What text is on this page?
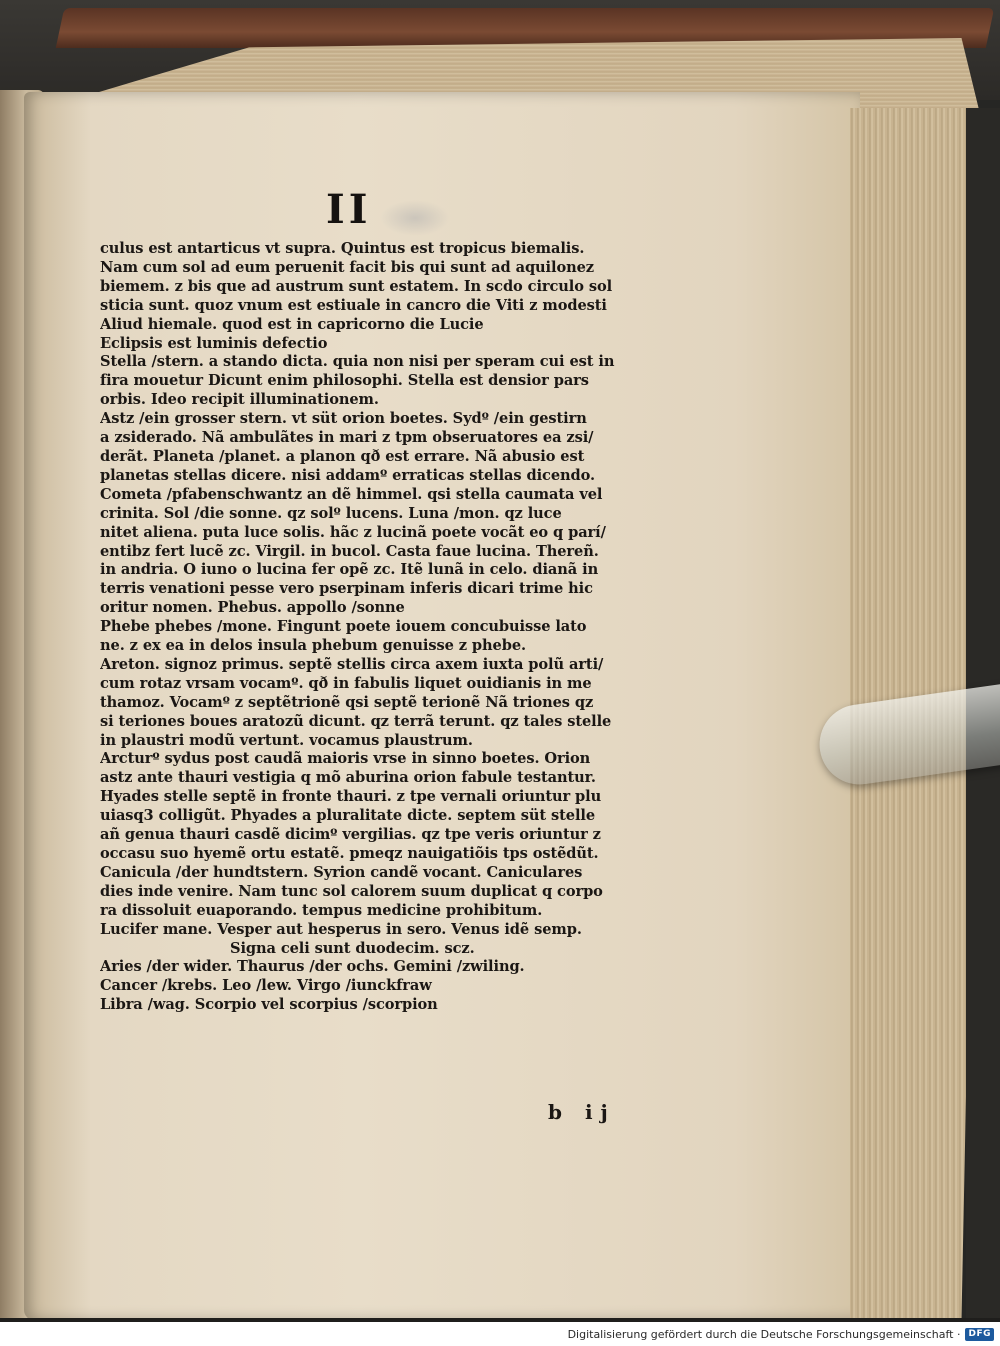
II
culus est antarticus vt supra. Quintus est tropicus biemalis.
Nam cum sol ad eum peruenit facit bis qui sunt ad aquilonez
biemem. z bis que ad austrum sunt estatem. In scdo circulo sol
sticia sunt. quoz vnum est estiuale in cancro die Viti z modesti
Aliud hiemale. quod est in capricorno die Lucie
Eclipsis est luminis defectio
Stella /stern. a stando dicta. quia non nisi per speram cui est in
fira mouetur Dicunt enim philosophi. Stella est densior pars
orbis. Ideo recipit illuminationem.
Astz /ein grosser stern. vt süt orion boetes. Sydº /ein gestirn
a zsiderado. Nã ambulãtes in mari z tpm obseruatores ea zsi/
derãt. Planeta /planet. a planon qð est errare. Nã abusio est
planetas stellas dicere. nisi addamº erraticas stellas dicendo.
Cometa /pfabenschwantz an dẽ himmel. qsi stella caumata vel
crinita. Sol /die sonne. qz solº lucens. Luna /mon. qz luce
nitet aliena. puta luce solis. hãc z lucinã poete vocãt eo q parí/
entibz fert lucẽ zc. Virgil. in bucol. Casta faue lucina. Thereñ.
in andria. O iuno o lucina fer opẽ zc. Itẽ lunã in celo. dianã in
terris venationi pesse vero pserpinam inferis dicari trime hic
oritur nomen. Phebus. appollo /sonne
Phebe phebes /mone. Fingunt poete iouem concubuisse lato
ne. z ex ea in delos insula phebum genuisse z phebe.
Areton. signoz primus. septẽ stellis circa axem iuxta polũ arti/
cum rotaz vrsam vocamº. qð in fabulis liquet ouidianis in me
thamoz. Vocamº z septẽtrionẽ qsi septẽ terionẽ Nã triones qz
si teriones boues aratozũ dicunt. qz terrã terunt. qz tales stelle
in plaustri modũ vertunt. vocamus plaustrum.
Arcturº sydus post caudã maioris vrse in sinno boetes. Orion
astz ante thauri vestigia q mõ aburina orion fabule testantur.
Hyades stelle septẽ in fronte thauri. z tpe vernali oriuntur plu
uiasq3 colligũt. Phyades a pluralitate dicte. septem süt stelle
añ genua thauri casdẽ dicimº vergilias. qz tpe veris oriuntur z
occasu suo hyemẽ ortu estatẽ. pmeqz nauigatiõis tps ostẽdũt.
Canicula /der hundtstern. Syrion candẽ vocant. Caniculares
dies inde venire. Nam tunc sol calorem suum duplicat q corpo
ra dissoluit euaporando. tempus medicine prohibitum.
Lucifer mane. Vesper aut hesperus in sero. Venus idẽ semp.
Signa celi sunt duodecim. scz.
Aries /der wider. Thaurus /der ochs. Gemini /zwiling.
Cancer /krebs. Leo /lew. Virgo /iunckfraw
Libra /wag. Scorpio vel scorpius /scorpion
b ij
Digitalisierung gefördert durch die Deutsche Forschungsgemeinschaft · DFG
